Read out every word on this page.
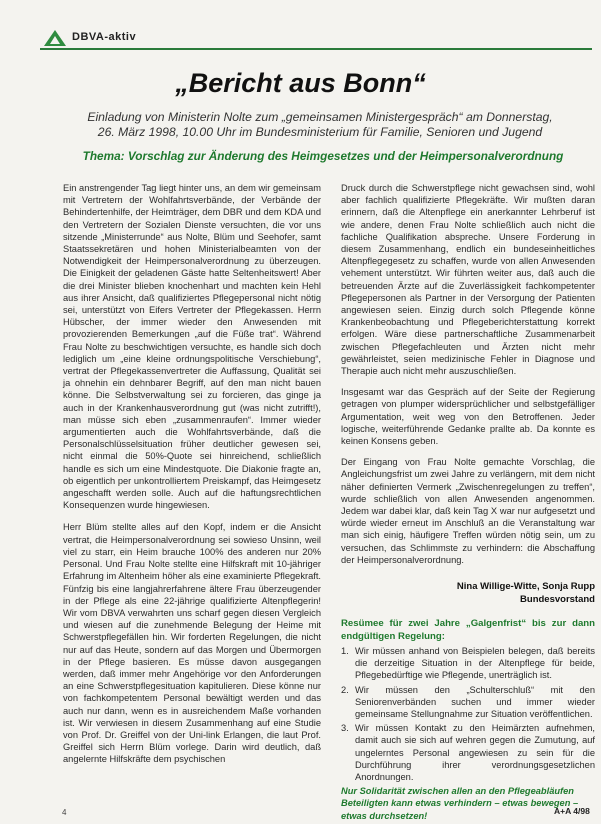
DBVA-aktiv
„Bericht aus Bonn“
Einladung von Ministerin Nolte zum „gemeinsamen Ministergespräch“ am Donnerstag,
26. März 1998, 10.00 Uhr im Bundesministerium für Familie, Senioren und Jugend
Thema: Vorschlag zur Änderung des Heimgesetzes und der Heimpersonalverordnung

Ein anstrengender Tag liegt hinter uns, an dem wir gemeinsam mit Vertretern der Wohlfahrtsverbände, der Verbände der Behindertenhilfe, der Heimträger, dem DBR und dem KDA und den Vertretern der Sozialen Dienste versuchten, die vor uns sitzende „Ministerrunde“ aus Nolte, Blüm und Seehofer, samt Staatssekretären und hohen Ministerialbeamten von der Notwendigkeit der Heimpersonalverordnung zu überzeugen. Die Einigkeit der geladenen Gäste hatte Seltenheitswert! Aber die drei Minister blieben knochenhart und machten kein Hehl aus ihrer Ansicht, daß qualifiziertes Pflegepersonal nicht nötig sei, unterstützt von Eifers Vertreter der Pflegekassen. Herrn Hübscher, der immer wieder den Anwesenden mit provozierenden Bemerkungen „auf die Füße trat“. Während Frau Nolte zu beschwichtigen versuchte, es handle sich doch lediglich um „eine kleine ordnungspolitische Verschiebung“, vertrat der Pflegekassenvertreter die Auffassung, Qualität sei ja ohnehin ein dehnbarer Begriff, auf den man nicht bauen könne. Die Selbstverwaltung sei zu forcieren, das ginge ja auch in der Krankenhausverordnung gut (was nicht zutrifft!), man müsse sich eben „zusammenraufen“. Immer wieder argumentierten auch die Wohlfahrtsverbände, daß die Personalschlüsselsituation früher deutlicher gewesen sei, nicht einmal die 50%-Quote sei hinreichend, schließlich handle es sich um eine Mindestquote. Die Diakonie fragte an, ob eigentlich per unkontrolliertem Preiskampf, das Heimgesetz angeschafft werden solle. Auch auf die haftungsrechtlichen Konsequenzen wurde hingewiesen.

Herr Blüm stellte alles auf den Kopf, indem er die Ansicht vertrat, die Heimpersonalverordnung sei sowieso Unsinn, weil viel zu starr, ein Heim brauche 100% des anderen nur 20% Personal. Und Frau Nolte stellte eine Hilfskraft mit 10-jähriger Erfahrung im Altenheim höher als eine examinierte Pflegekraft. Fünfzig bis eine langjahrerfahrene ältere Frau überzeugender in der Pflege als eine 22-jährige qualifizierte Altenpflegerin! Wir vom DBVA verwahrten uns scharf gegen diesen Vergleich und wiesen auf die zunehmende Belegung der Heime mit Schwerstpflegefällen hin. Wir forderten Regelungen, die nicht nur auf das Heute, sondern auf das Morgen und Übermorgen in der Pflege basieren. Es müsse davon ausgegangen werden, daß immer mehr Angehörige vor den Anforderungen an eine Schwerstpflegesituation kapitulieren. Diese könne nur von fachkompetentem Personal bewältigt werden und das auch nur dann, wenn es in ausreichendem Maße vorhanden ist. Wir verwiesen in diesem Zusammenhang auf eine Studie von Prof. Dr. Greiffel von der Uni-link Erlangen, die laut Prof. Greiffel sich Herrn Blüm vorlege. Darin wird deutlich, daß angelernte Hilfskräfte dem psychischen

Druck durch die Schwerstpflege nicht gewachsen sind, wohl aber fachlich qualifizierte Pflegekräfte. Wir mußten daran erinnern, daß die Altenpflege ein anerkannter Lehrberuf ist wie andere, denen Frau Nolte schließlich auch nicht die fachliche Qualifikation abspreche. Unsere Forderung in diesem Zusammenhang, endlich ein bundeseinheitliches Altenpflegegesetz zu schaffen, wurde von allen Anwesenden vehement unterstützt. Wir führten weiter aus, daß auch die betreuenden Ärzte auf die Zuverlässigkeit fachkompetenter Pflegepersonen als Partner in der Versorgung der Patienten angewiesen seien. Einzig durch solch Pflegende könne Krankenbeobachtung und Pflegeberichterstattung korrekt erfolgen. Wäre diese partnerschaftliche Zusammenarbeit zwischen Pflegefachleuten und Ärzten nicht mehr gewährleistet, seien medizinische Fehler in Diagnose und Therapie auch nicht mehr auszuschließen.

Insgesamt war das Gespräch auf der Seite der Regierung getragen von plumper widersprüchlicher und selbstgefälliger Argumentation, weit weg von den Betroffenen. Jeder logische, weiterführende Gedanke prallte ab. Da konnte es keinen Konsens geben.

Der Eingang von Frau Nolte gemachte Vorschlag, die Angleichungsfrist um zwei Jahre zu verlängern, mit dem nicht näher definierten Vermerk „Zwischenregelungen zu treffen“, wurde schließlich von allen Anwesenden angenommen. Jedem war dabei klar, daß kein Tag X war nur aufgesetzt und würde wieder erneut im Anschluß an die Veranstaltung war man sich einig, häufigere Treffen würden nötig sein, um zu versuchen, das Schlimmste zu verhindern: die Abschaffung der Heimpersonalverordnung.

Nina Willige-Witte, Sonja Rupp
Bundesvorstand
Resümee für zwei Jahre „Galgenfrist“ bis zur dann endgültigen Regelung:
1. Wir müssen anhand von Beispielen belegen, daß bereits die derzeitige Situation in der Altenpflege für beide, Pflegebedürftige wie Pflegende, unerträglich ist.
2. Wir müssen den „Schulterschluß“ mit den Seniorenverbänden suchen und immer wieder gemeinsame Stellungnahme zur Situation veröffentlichen.
3. Wir müssen Kontakt zu den Heimärzten aufnehmen, damit auch sie sich auf wehren gegen die Zumutung, auf ungelerntes Personal angewiesen zu sein für die Durchführung ihrer verordnungsgesetzlichen Anordnungen.
Nur Solidarität zwischen allen an den Pflegeabläufen
Beteiligten kann etwas verhindern – etwas bewegen –
etwas durchsetzen!
4	A+A 4/98
